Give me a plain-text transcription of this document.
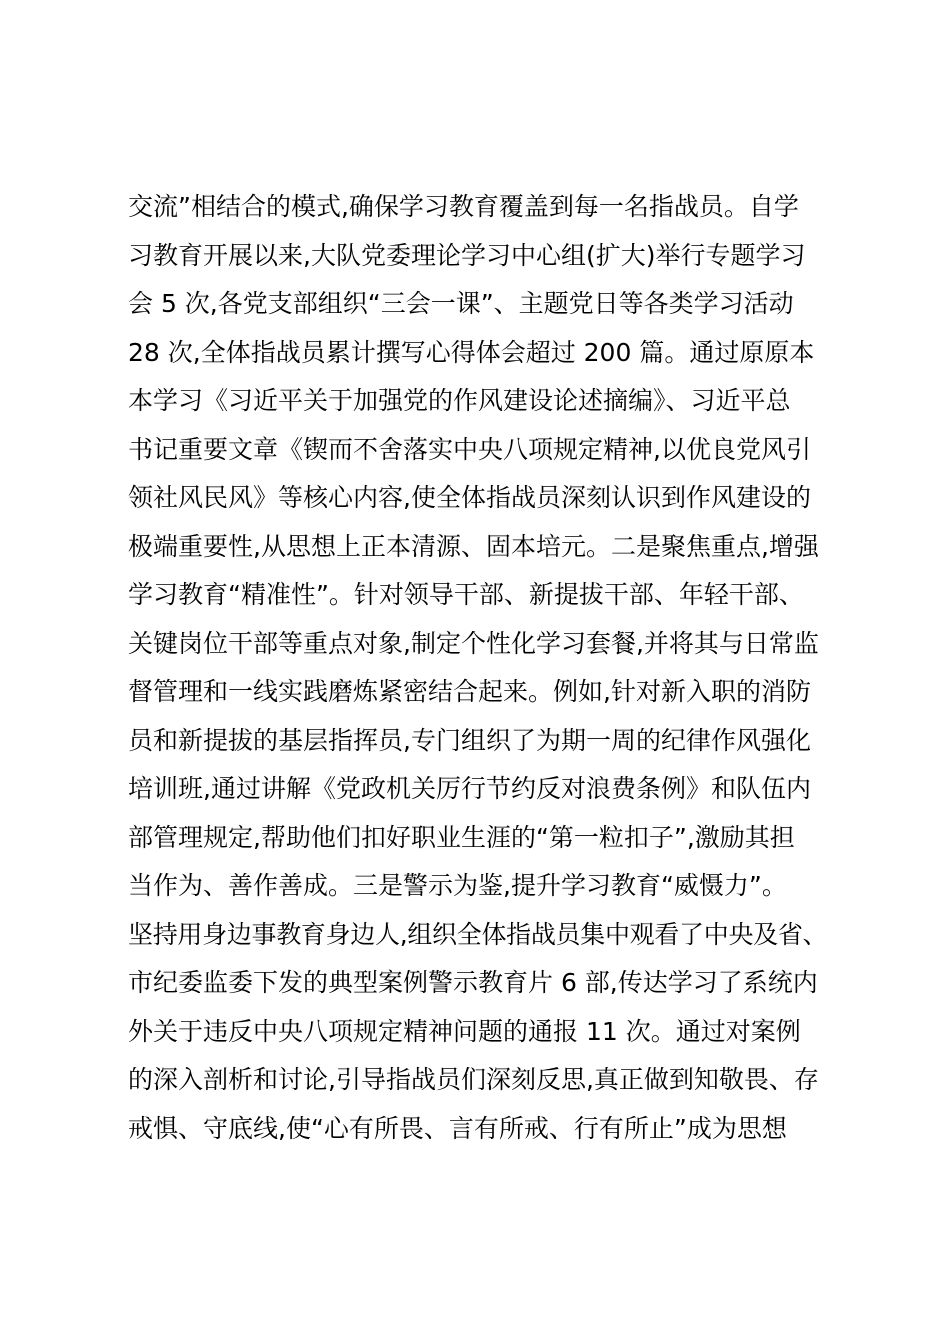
交流”相结合的模式,确保学习教育覆盖到每一名指战员。自学
习教育开展以来,大队党委理论学习中心组(扩大)举行专题学习
会 5 次,各党支部组织“三会一课”、主题党日等各类学习活动
28 次,全体指战员累计撰写心得体会超过 200 篇。通过原原本
本学习《习近平关于加强党的作风建设论述摘编》、习近平总
书记重要文章《锲而不舍落实中央八项规定精神,以优良党风引
领社风民风》等核心内容,使全体指战员深刻认识到作风建设的
极端重要性,从思想上正本清源、固本培元。二是聚焦重点,增强
学习教育“精准性”。针对领导干部、新提拔干部、年轻干部、
关键岗位干部等重点对象,制定个性化学习套餐,并将其与日常监
督管理和一线实践磨炼紧密结合起来。例如,针对新入职的消防
员和新提拔的基层指挥员,专门组织了为期一周的纪律作风强化
培训班,通过讲解《党政机关厉行节约反对浪费条例》和队伍内
部管理规定,帮助他们扣好职业生涯的“第一粒扣子”,激励其担
当作为、善作善成。三是警示为鉴,提升学习教育“威慑力”。
坚持用身边事教育身边人,组织全体指战员集中观看了中央及省、
市纪委监委下发的典型案例警示教育片 6 部,传达学习了系统内
外关于违反中央八项规定精神问题的通报 11 次。通过对案例
的深入剖析和讨论,引导指战员们深刻反思,真正做到知敬畏、存
戒惧、守底线,使“心有所畏、言有所戒、行有所止”成为思想
